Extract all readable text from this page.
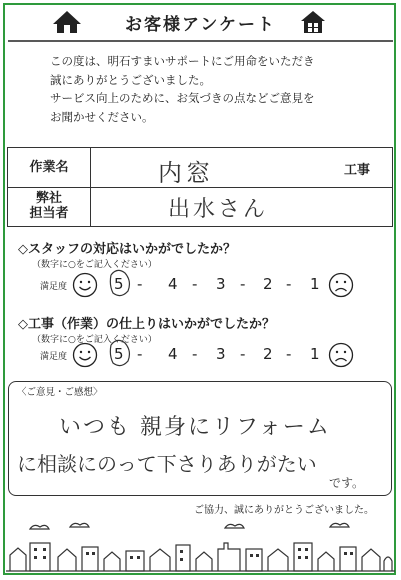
お客様アンケート
この度は、明石すまいサポートにご用命をいただき
誠にありがとうございました。
サービス向上のために、お気づきの点などご意見を
お聞かせください。
作業名	内窓	工事
弊社
担当者	出水さん
◇スタッフの対応はいかがでしたか？
（数字に○をご記入ください）
満足度	5 - 4 - 3 - 2 - 1
◇工事（作業）の仕上りはいかがでしたか？
（数字に○をご記入ください）
満足度	5 - 4 - 3 - 2 - 1
〈ご意見・ご感想〉
いつも 親身にリフォーム
に相談にのって下さりありがたい
です。
ご協力、誠にありがとうございました。
